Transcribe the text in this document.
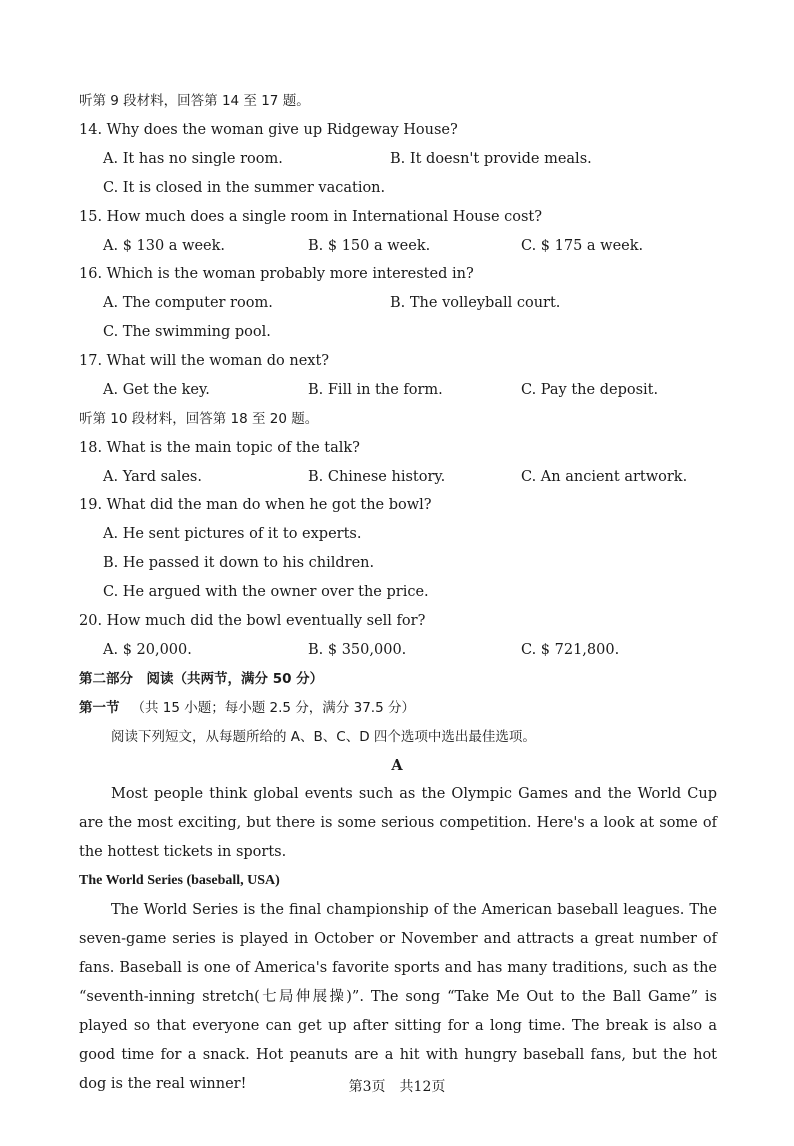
听第 9 段材料，回答第 14 至 17 题。
14. Why does the woman give up Ridgeway House?
A. It has no single room.	B. It doesn't provide meals.
C. It is closed in the summer vacation.
15. How much does a single room in International House cost?
A. $ 130 a week.	B. $ 150 a week.	C. $ 175 a week.
16. Which is the woman probably more interested in?
A. The computer room.	B. The volleyball court.
C. The swimming pool.
17. What will the woman do next?
A. Get the key.	B. Fill in the form.	C. Pay the deposit.
听第 10 段材料，回答第 18 至 20 题。
18. What is the main topic of the talk?
A. Yard sales.	B. Chinese history.	C. An ancient artwork.
19. What did the man do when he got the bowl?
A. He sent pictures of it to experts.
B. He passed it down to his children.
C. He argued with the owner over the price.
20. How much did the bowl eventually sell for?
A. $ 20,000.	B. $ 350,000.	C. $ 721,800.
第二部分　阅读（共两节，满分 50 分）
第一节 （共 15 小题；每小题 2.5 分，满分 37.5 分）
阅读下列短文，从每题所给的 A、B、C、D 四个选项中选出最佳选项。
A

Most people think global events such as the Olympic Games and the World Cup are the most exciting, but there is some serious competition. Here's a look at some of the hottest tickets in sports.

The World Series (baseball, USA)

The World Series is the final championship of the American baseball leagues. The seven-game series is played in October or November and attracts a great number of fans. Baseball is one of America's favorite sports and has many traditions, such as the “seventh-inning stretch(七局伸展操)”. The song “Take Me Out to the Ball Game” is played so that everyone can get up after sitting for a long time. The break is also a good time for a snack. Hot peanuts are a hit with hungry baseball fans, but the hot dog is the real winner!	第3页　共12页
